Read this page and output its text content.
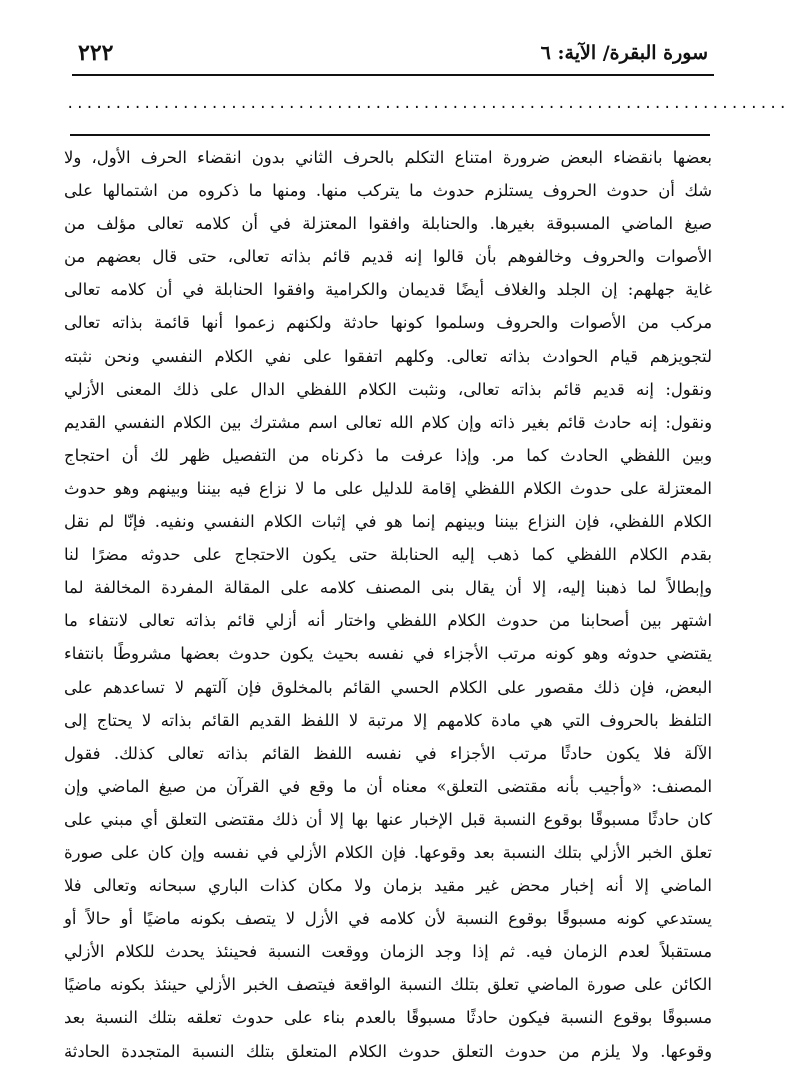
٢٢٢	سورة البقرة/ الآية: ٦
...........................................................................
بعضها بانقضاء البعض ضرورة امتناع التكلم بالحرف الثاني بدون انقضاء الحرف الأول، ولا
شك أن حدوث الحروف يستلزم حدوث ما يتركب منها. ومنها ما ذكروه من اشتمالها على
صيغ الماضي المسبوقة بغيرها. والحنابلة وافقوا المعتزلة في أن كلامه تعالى مؤلف من
الأصوات والحروف وخالفوهم بأن قالوا إنه قديم قائم بذاته تعالى، حتى قال بعضهم من
غاية جهلهم: إن الجلد والغلاف أيضًا قديمان والكرامية وافقوا الحنابلة في أن كلامه تعالى
مركب من الأصوات والحروف وسلموا كونها حادثة ولكنهم زعموا أنها قائمة بذاته تعالى
لتجويزهم قيام الحوادث بذاته تعالى. وكلهم اتفقوا على نفي الكلام النفسي ونحن نثبته
ونقول: إنه قديم قائم بذاته تعالى، ونثبت الكلام اللفظي الدال على ذلك المعنى الأزلي
ونقول: إنه حادث قائم بغير ذاته وإن كلام الله تعالى اسم مشترك بين الكلام النفسي القديم
وبين اللفظي الحادث كما مر. وإذا عرفت ما ذكرناه من التفصيل ظهر لك أن احتجاج
المعتزلة على حدوث الكلام اللفظي إقامة للدليل على ما لا نزاع فيه بيننا وبينهم وهو حدوث
الكلام اللفظي، فإن النزاع بيننا وبينهم إنما هو في إثبات الكلام النفسي ونفيه. فإنّا لم نقل
بقدم الكلام اللفظي كما ذهب إليه الحنابلة حتى يكون الاحتجاج على حدوثه مضرًا لنا
وإبطالاً لما ذهبنا إليه، إلا أن يقال بنى المصنف كلامه على المقالة المفردة المخالفة لما
اشتهر بين أصحابنا من حدوث الكلام اللفظي واختار أنه أزلي قائم بذاته تعالى لانتفاء ما
يقتضي حدوثه وهو كونه مرتب الأجزاء في نفسه بحيث يكون حدوث بعضها مشروطًا بانتفاء
البعض، فإن ذلك مقصور على الكلام الحسي القائم بالمخلوق فإن آلتهم لا تساعدهم على
التلفظ بالحروف التي هي مادة كلامهم إلا مرتبة لا اللفظ القديم القائم بذاته لا يحتاج إلى
الآلة فلا يكون حادثًا مرتب الأجزاء في نفسه اللفظ القائم بذاته تعالى كذلك. فقول
المصنف: «وأجيب بأنه مقتضى التعلق» معناه أن ما وقع في القرآن من صيغ الماضي وإن
كان حادثًا مسبوقًا بوقوع النسبة قبل الإخبار عنها بها إلا أن ذلك مقتضى التعلق أي مبني على
تعلق الخبر الأزلي بتلك النسبة بعد وقوعها. فإن الكلام الأزلي في نفسه وإن كان على صورة
الماضي إلا أنه إخبار محض غير مقيد بزمان ولا مكان كذات الباري سبحانه وتعالى فلا
يستدعي كونه مسبوقًا بوقوع النسبة لأن كلامه في الأزل لا يتصف بكونه ماضيًا أو حالاً أو
مستقبلاً لعدم الزمان فيه. ثم إذا وجد الزمان ووقعت النسبة فحينئذ يحدث للكلام الأزلي
الكائن على صورة الماضي تعلق بتلك النسبة الواقعة فيتصف الخبر الأزلي حينئذ بكونه ماضيًا
مسبوقًا بوقوع النسبة فيكون حادثًا مسبوقًا بالعدم بناء على حدوث تعلقه بتلك النسبة بعد
وقوعها. ولا يلزم من حدوث التعلق حدوث الكلام المتعلق بتلك النسبة المتجددة الحادثة
